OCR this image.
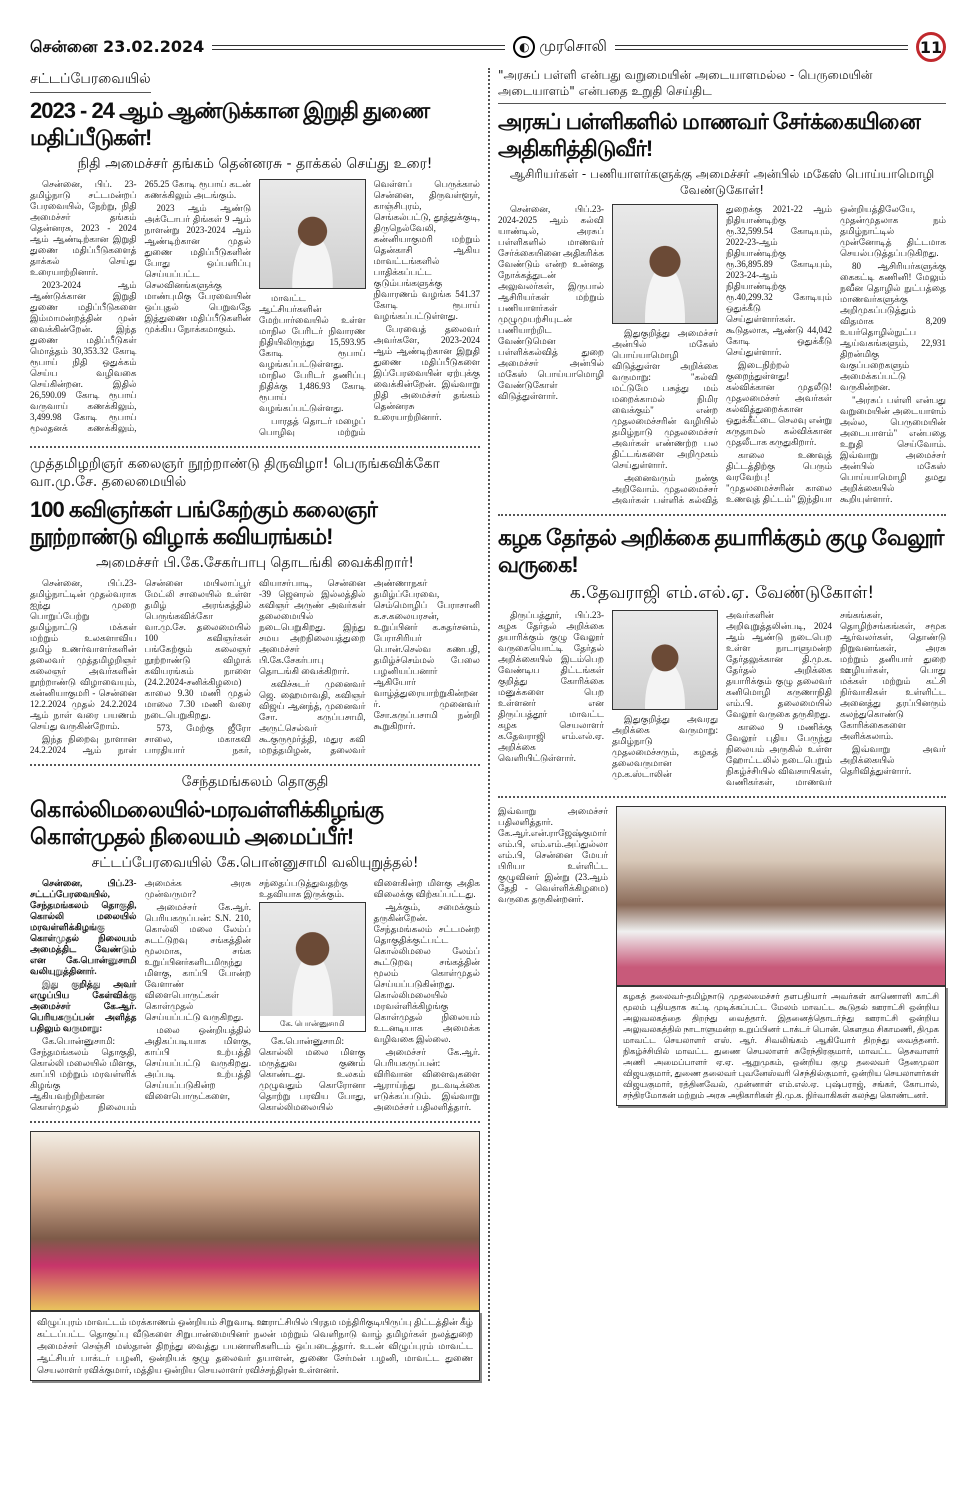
சென்னை 23.02.2024	◐ முரசொலி	11
சட்டப்பேரவையில்
2023 - 24 ஆம் ஆண்டுக்கான இறுதி துணை மதிப்பீடுகள்!
நிதி அமைச்சர் தங்கம் தென்னரசு - தாக்கல் செய்து உரை!

சென்னை, பிப். 23- தமிழ்நாடு சட்டமன்றப் பேரவையில், நேற்று, நிதி அமைச்சர் தங்கம் தென்னரசு, 2023 - 2024 ஆம் ஆண்டிற்கான இறுதி துணை மதிப்பீடுகளைத் தாக்கல் செய்து உரையாற்றினார்.

2023-2024 ஆம் ஆண்டுக்கான இறுதி துணை மதிப்பீடுகளை இம்மாமன்றத்தின் முன் வைக்கின்றேன். இந்த துணை மதிப்பீடுகள் மொத்தம் 30,353.32 கோடி ரூபாய் நிதி ஒதுக்கம் செய்ய வழிவகை செய்கின்றன. இதில் 26,590.09 கோடி ரூபாய் வருவாய் கணக்கிலும், 3,499.98 கோடி ரூபாய் மூலதனக் கணக்கிலும், 265.25 கோடி ரூபாய் கடன் கணக்கிலும் அடங்கும்.

2023 ஆம் ஆண்டு அக்டோபர் திங்கள் 9 ஆம் நாளன்று 2023-2024 ஆம் ஆண்டிற்கான முதல் துணை மதிப்பீடுகளின் போது ஒப்பளிப்பு செய்யப்பட்ட செலவினங்களுக்கு மாண்புமிகு பேரவையின் ஒப்புதல் பெறுவதே இத்துணை மதிப்பீடுகளின் முக்கிய நோக்கமாகும்.

மாவட்ட ஆட்சியர்களின் மேற்பார்வையில் உள்ள மாநில பேரிடர் நிவாரண நிதியிலிருந்து 15,593.95 கோடி ரூபாய் வழங்கப்பட்டுள்ளது. மாநில பேரிடர் தணிப்பு நிதிக்கு 1,486.93 கோடி ரூபாய் வழங்கப்பட்டுள்ளது.

பாரதத் தொடர் மழைப் பொழிவு மற்றும் வெள்ளப் பெருக்கால் சென்னை, திருவள்ளூர், காஞ்சிபுரம், செங்கல்பட்டு, தூத்துக்குடி, திருநெல்வேலி, கன்னியாகுமரி மற்றும் தென்காசி ஆகிய மாவட்டங்களில் பாதிக்கப்பட்ட குடும்பங்களுக்கு நிவாரணம் வழங்க 541.37 கோடி ரூபாய் வழங்கப்பட்டுள்ளது.

பேரவைத் தலைவர் அவர்களே, 2023-2024 ஆம் ஆண்டிற்கான இறுதி துணை மதிப்பீடுகளை இப்பேரவையின் ஏற்புக்கு வைக்கின்றேன். இவ்வாறு நிதி அமைச்சர் தங்கம் தென்னரசு உரையாற்றினார்.

முத்தமிழறிஞர் கலைஞர் நூற்றாண்டு திருவிழா! பெருங்கவிக்கோ வா.மு.சே. தலைமையில்
100 கவிஞர்கள் பங்கேற்கும் கலைஞர் நூற்றாண்டு விழாக் கவியரங்கம்!
அமைச்சர் பி.கே.சேகர்பாபு தொடங்கி வைக்கிறார்!

சென்னை, பிப்.23- தமிழ்நாட்டின் முதல்வராக ஐந்து முறை பொறுப்பேற்று தமிழ்நாட்டு மக்கள் மற்றும் உலகளாவிய தமிழ் உணர்வாளர்களின் தலைவர் முத்தமிழறிஞர் கலைஞர் அவர்களின் நூற்றாண்டு விழாவையும், கன்னியாகுமரி - சென்னை 12.2.2024 முதல் 24.2.2024 ஆம் நாள் வரை பயணம் செய்து வருகின்றோம்.

இந்த நிறைவு நாளான 24.2.2024 ஆம் நாள் சென்னை மயிலாப்பூர் மேட்லி சாலையில் உள்ள தமிழ் அரங்கத்தில் பெருங்கவிக்கோ வா.மு.சே. தலைமையில் 100 கவிஞர்கள் பங்கேற்கும் கலைஞர் நூற்றாண்டு விழாக் கவியரங்கம் நாளை (24.2.2024-சனிக்கிழமை) காலை 9.30 மணி முதல் மாலை 7.30 மணி வரை நடைபெறுகிறது.

573, மேற்கு ஜீரோ சாலை, மகாகவி பாரதியார் நகர், வியாசர்பாடி, சென்னை -39 ஜெனரல் இல்லத்தில் கவிஞர் அருண் அவர்கள் தலைமையில் நடைபெறுகிறது. இந்து சமய அறநிலையத்துறை அமைச்சர் பி.கே.சேகர்பாபு தொடங்கி வைக்கிறார்.

கவிச்சுடர் முனைவர் ஜெ. ஹைமாவதி, கவிஞர் விஜய் ஆனந்த், முனைவர் சோ. கருப்பசாமி, அருட்செல்வர் கூ.குருமூர்த்தி, மதுர கவி மறத்தமிழன், தலைவர் அண்ணாநகர் தமிழ்ப்பேரவை, செம்மொழிப் பேராசானி க.ச.கலையரசன், உறுப்பினர் க.சுதர்சனம், பேராசிரியர் பொன்.செல்வ கணபதி, தமிழ்ச்செம்மல் பேலை பழனியப்பனார் ஆகியோர் வாழ்த்துரையாற்றுகின்றனர். முனைவர் சோ.கருப்பசாமி நன்றி கூறுகிறார்.

சேந்தமங்கலம் தொகுதி
கொல்லிமலையில்-மரவள்ளிக்கிழங்கு கொள்முதல் நிலையம் அமைப்பீர்!
சட்டப்பேரவையில் கே.பொன்னுசாமி வலியுறுத்தல்!

சென்னை, பிப்.23- சட்டப்பேரவையில், சேந்தமங்கலம் தொகுதி, கொல்லி மலையில் மரவள்ளிக்கிழங்கு கொள்முதல் நிலையம் அமைத்திட வேண்டும் என கே.பொன்னுசாமி வலியுறுத்தினார்.

இது குறித்து அவர் எழுப்பிய கேள்விக்கு அமைச்சர் கே.ஆர். பெரியகருப்பன் அளித்த பதிலும் வருமாறு:

கே.பொன்னுசாமி: சேந்தமங்கலம் தொகுதி, கொல்லி மலையில் மிளகு, காப்பி மற்றும் மரவள்ளிக் கிழங்கு ஆகியவற்றிற்கான கொள்முதல் நிலையம் அமைக்க அரசு முன்வருமா?

அமைச்சர் கே.ஆர். பெரியகருப்பன்: S.N. 210, கொல்லி மலை லேம்ப் சுடட்டுறவு சங்கத்தின் மூலமாக, சங்க உறுப்பினர்களிடமிருந்து மிளகு, காப்பி போன்ற வேளாண் விளைபொருட்கள் கொள்முதல் செய்யப்பட்டு வருகிறது.

மலை ஒன்றியத்தில் அதிகப்படியாக மிளகு, காப்பி உற்பத்தி செய்யப்பட்டு வருகிறது. அப்படி உற்பத்தி செய்யப்படுகின்ற விளைபொருட்களை, சந்தைப்படுத்துவதற்கு உதவியாக இருக்கும்.

கே. பொன்னுசாமி

கே.பொன்னுசாமி: கொல்லி மலை மிளகு மருத்துவ குணம் கொண்டது. உலகம் முழுவதும் கொரோனா தொற்று பரவிய போது, கொல்லிமலையில் விளைகின்ற மிளகு அதிக விலைக்கு விற்கப்பட்டது.

ஆக்கும், சமைக்கும் தருகின்றேன். சேந்தமங்கலம் சட்டமன்ற தொகுதிக்குட்பட்ட கொல்லிமலை லேம்ப் கூட்டுறவு சங்கத்தின் மூலம் கொள்முதல் செய்யப்படுகின்றது. கொல்லிமலையில் மரவள்ளிக்கிழங்கு கொள்முதல் நிலையம் உடனடியாக அமைக்க வழிவகை இல்லை.

அமைச்சர் கே.ஆர். பெரியகருப்பன்: விரிவான விளைவுகளை ஆராய்ந்து நடவடிக்கை எடுக்கப்படும். இவ்வாறு அமைச்சர் பதிலளித்தார்.

விழுப்புரம் மாவட்டம் மரக்காணம் ஒன்றியம் சிறுவாடி ஊராட்சியில் பிரதம மந்திரிகுடியிருப்பு திட்டத்தின் கீழ் கட்டப்பட்ட தொகுப்பு வீடுகளை சிறுபான்மையினர் நலன் மற்றும் வெளிநாடு வாழ் தமிழர்கள் நலத்துறை அமைச்சர் செஞ்சி மஸ்தான் திறந்து வைத்து பயனாளிகளிடம் ஒப்படைத்தார். உடன் விழுப்புரம் மாவட்ட ஆட்சியர் பாக்டர் பழனி, ஒன்றியக் குழு தலைவர் தயாளன், துணை சேர்மன் பழனி, மாவட்ட துணை செயலாளர் ரவிக்குமார், மத்திய ஒன்றிய செயலாளர் ரவிச்சந்திரன் உள்ளனர்.
"அரசுப் பள்ளி என்பது வறுமையின் அடையாளமல்ல - பெருமையின் அடையாளம்" என்பதை உறுதி செய்திட
அரசுப் பள்ளிகளில் மாணவர் சேர்க்கையினை அதிகரித்திடுவீர்!
ஆசிரியர்கள் - பணியாளர்களுக்கு அமைச்சர் அன்பில் மகேஸ் பொய்யாமொழி வேண்டுகோள்!

சென்னை, பிப்.23- 2024-2025 ஆம் கல்வி யாண்டில், அரசுப் பள்ளிகளில் மாணவர் சேர்க்கையினை அதிகரிக்க வேண்டும் என்ற உன்னத நோக்கத்துடன் அலுவலர்கள், இருபால் ஆசிரியர்கள் மற்றும் பணியாளர்கள் முழுமுயற்சியுடன் பணியாற்றிட வேண்டுமென பள்ளிக்கல்வித் துறை அமைச்சர் அன்பில் மகேஸ் பொய்யாமொழி வேண்டுகோள் விடுத்துள்ளார்.

இதுகுறித்து அமைச்சர் அன்பில் மகேஸ் பொய்யாமொழி விடுத்துள்ள அறிக்கை வருமாறு: "கல்வி மட்டுமே பசுத்து மம் மறைக்காமல் நிமிர வைக்கும்" என்ற முதலமைச்சரின் வழியில் தமிழ்நாடு முதலமைச்சர் அவர்கள் எண்ணற்ற பல திட்டங்களை அறிமுகம் செய்துள்ளார்.

அனைவரும் நன்கு அறிவோம். முதலமைச்சர் அவர்கள் பள்ளிக் கல்வித் துறைக்கு 2021-22 ஆம் நிதியாண்டிற்கு ரூ.32,599.54 கோடியும், 2022-23-ஆம் நிதியாண்டிற்கு ரூ.36,895.89 கோடியும், 2023-24-ஆம் நிதியாண்டிற்கு ரூ.40,299.32 கோடியும் ஒதுக்கீடு செய்துள்ளார்கள். கூடுதலாக, ஆண்டு 44,042 கோடி ஒதுக்கீடு செய்துள்ளார்.

இடைநிற்றல் குறைந்துள்ளது! கல்விக்கான முதலீடு! முதலமைச்சர் அவர்கள் கல்வித்துறைக்கான ஒதுக்கீட்டை செலவு என்று கருதாமல் கல்விக்கான முதலீடாக கருதுகிறார்.

காலை உணவுத் திட்டத்திற்கு பெரும் வரவேற்பு! "முதலமைச்சரின் காலை உணவுத் திட்டம்" இந்தியா ஒன்றியத்திலேயே, முதன்முதலாக நம் தமிழ்நாட்டில் முன்னோடித் திட்டமாக செயல்படுத்தப்படுகிறது.

80 ஆசிரியர்களுக்கு கைகட்டி கணினி! மேலும் நவீன தொழில் நுட்பத்தை மாணவர்களுக்கு அறிமுகப்படுத்தும் விதமாக 8,209 உயர்தொழில்நுட்ப ஆய்வகங்களும், 22,931 திறன்மிகு வகுப்பறைகளும் அமைக்கப்பட்டு வருகின்றன.

"அரசுப் பள்ளி என்பது வறுமையின் அடையாளம் அல்ல, பெருமையின் அடையாளம்" என்பதை உறுதி செய்வோம். இவ்வாறு அமைச்சர் அன்பில் மகேஸ் பொய்யாமொழி தமது அறிக்கையில் கூறியுள்ளார்.

கழக தேர்தல் அறிக்கை தயாரிக்கும் குழு வேலூர் வருகை!
க.தேவராஜி எம்.எல்.ஏ. வேண்டுகோள்!

திருப்பத்தூர், பிப்.23- கழக தேர்தல் அறிக்கை தயாரிக்கும் குழு வேலூர் வருகையொட்டி தேர்தல் அறிக்கையில் இடம்பெற வேண்டிய திட்டங்கள் குறித்து கோரிக்கை மனுக்களை பெற உள்ளனர் என திருப்பத்தூர் மாவட்ட கழக செயலாளர் க.தேவராஜி எம்.எல்.ஏ. அறிக்கை வெளியிட்டுள்ளார்.

இதுகுறித்து அவரது அறிக்கை வருமாறு: தமிழ்நாடு முதலமைச்சரும், கழகத் தலைவருமான மு.க.ஸ்டாலின் அவர்களின் அறிவுறுத்தலின்படி, 2024 ஆம் ஆண்டு நடைபெற உள்ள நாடாளுமன்ற தேர்தலுக்கான தி.மு.க. தேர்தல் அறிக்கை தயாரிக்கும் குழு தலைவர் கனிமொழி கருணாநிதி எம்.பி. தலைமையில் வேலூர் வருகை தருகிறது.

காலை 9 மணிக்கு வேலூர் புதிய பேருந்து நிலையம் அருகில் உள்ள ஹோட்டலில் நடைபெறும் நிகழ்ச்சியில் விவசாயிகள், வணிகர்கள், மாணவர் சங்கங்கள், தொழிற்சங்கங்கள், சமூக ஆர்வலர்கள், தொண்டு நிறுவனங்கள், அரசு மற்றும் தனியார் துறை ஊழியர்கள், பொது மக்கள் மற்றும் கட்சி நிர்வாகிகள் உள்ளிட்ட அனைத்து தரப்பினரும் கலந்துகொண்டு கோரிக்கைகளை அளிக்கலாம்.

இவ்வாறு அவர் அறிக்கையில் தெரிவித்துள்ளார்.

இவ்வாறு அமைச்சர் பதிலளித்தார். கே.ஆர்.என்.ராஜேஷ்குமார் எம்.பி, எம்.எம்.அப்துல்லா எம்.பி, சென்னை மேயர் பிரியா உள்ளிட்ட குழுவினர் இன்று (23.ஆம் தேதி - வெள்ளிக்கிழமை) வருகை தருகின்றனர்.

கழகத் தலைவர்-தமிழ்நாடு முதலமைச்சர் தளபதியார் அவர்கள் காணொளி காட்சி மூலம் புதியதாக கட்டி முடிக்கப்பட்ட மேலம் மாவட்ட கூடுதல் ஊராட்சி ஒன்றிய அலுவலகத்தை திறந்து வைத்தார். இதனைத்தொடர்ந்து ஊராட்சி ஒன்றிய அலுவலகத்தில் நாடாளுமன்ற உறுப்பினர் டாக்டர் பொன். கௌதம சிகாமணி, திமுக மாவட்ட செயலாளர் எஸ். ஆர். சிவலிங்கம் ஆகியோர் திறந்து வைத்தனர். நிகழ்ச்சியில் மாவட்ட துணை செயலாளர் சுரேந்திரகுமார், மாவட்ட தெசவாளர் அணி அமைப்பாளர் ஏ.ஏ. ஆறுமுகம், ஒன்றிய குழு தலைவர் தேனமுலா விஜயகுமார், துணை தலைவர் புவனேஸ்வரி செந்தில்குமார், ஒன்றிய செயலாளர்கள் விஜயகுமார், ரத்தினவேல், முன்னாள் எம்.எல்.ஏ. புஷ்பராஜ், சங்கர், கோபால், சந்திரமோகன் மற்றும் அரசு அதிகாரிகள் தி.மு.க. நிர்வாகிகள் கலந்து கொண்டனர்.
